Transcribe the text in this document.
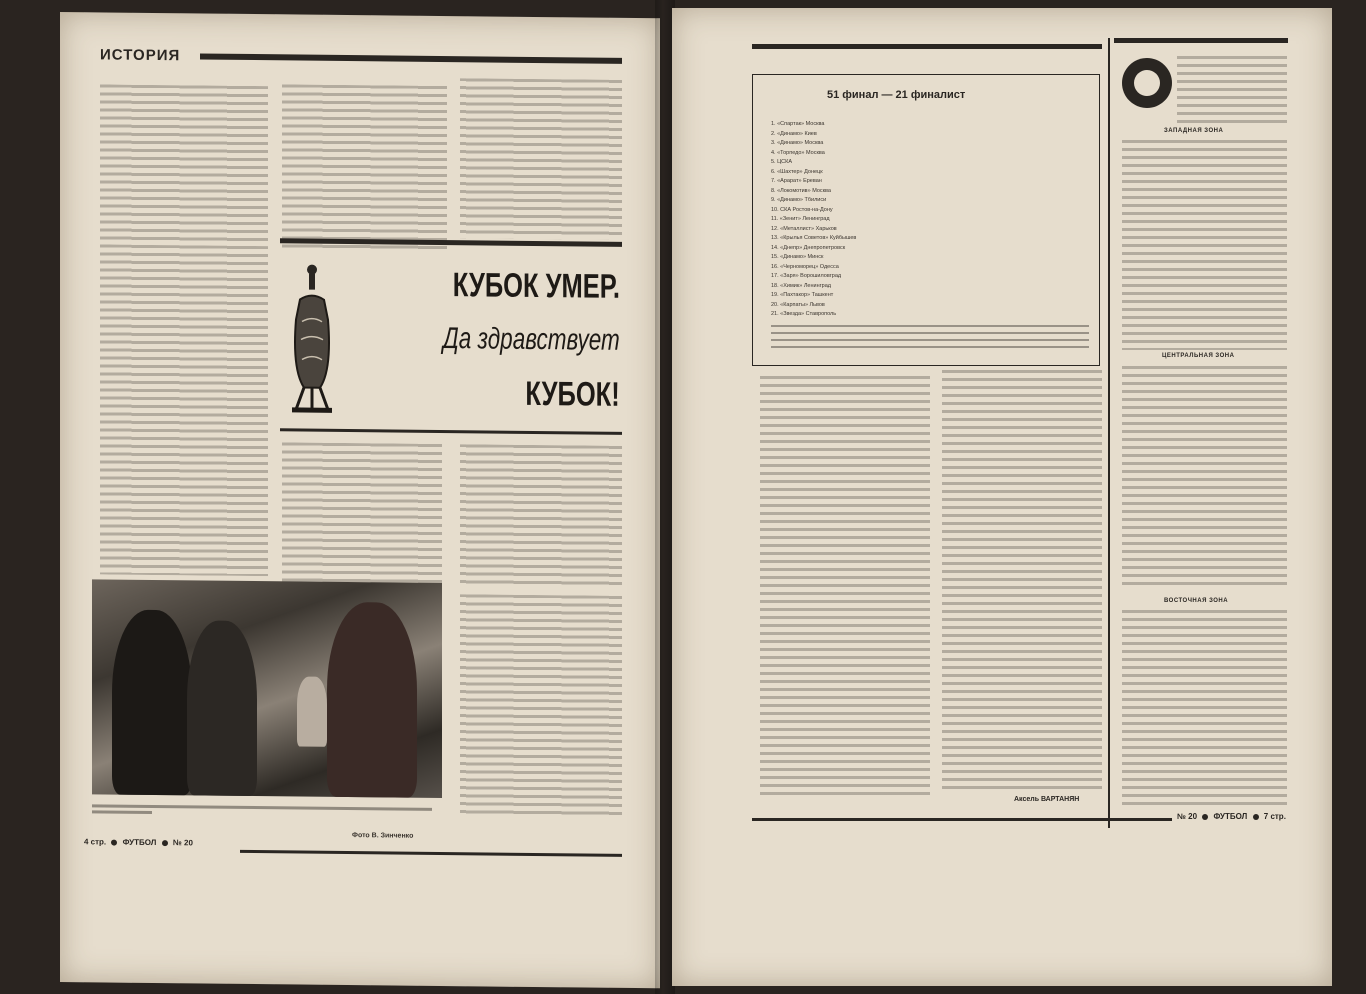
ИСТОРИЯ
КУБОК УМЕР.
Да здравствует
КУБОК!
Фото В. Зинченко
4 стр. ФУТБОЛ № 20
51 финал — 21 финалист
1. «Спартак» Москва
2. «Динамо» Киев
3. «Динамо» Москва
4. «Торпедо» Москва
5. ЦСКА
6. «Шахтер» Донецк
7. «Арарат» Ереван
8. «Локомотив» Москва
9. «Динамо» Тбилиси
10. СКА Ростов-на-Дону
11. «Зенит» Ленинград
12. «Металлист» Харьков
13. «Крылья Советов» Куйбышев
14. «Днепр» Днепропетровск
15. «Динамо» Минск
16. «Черноморец» Одесса
17. «Заря» Ворошиловград
18. «Химик» Ленинград
19. «Пахтакор» Ташкент
20. «Карпаты» Львов
21. «Звезда» Ставрополь
ЗАПАДНАЯ ЗОНА
ЦЕНТРАЛЬНАЯ ЗОНА
ВОСТОЧНАЯ ЗОНА
Аксель ВАРТАНЯН
№ 20 ФУТБОЛ 7 стр.
